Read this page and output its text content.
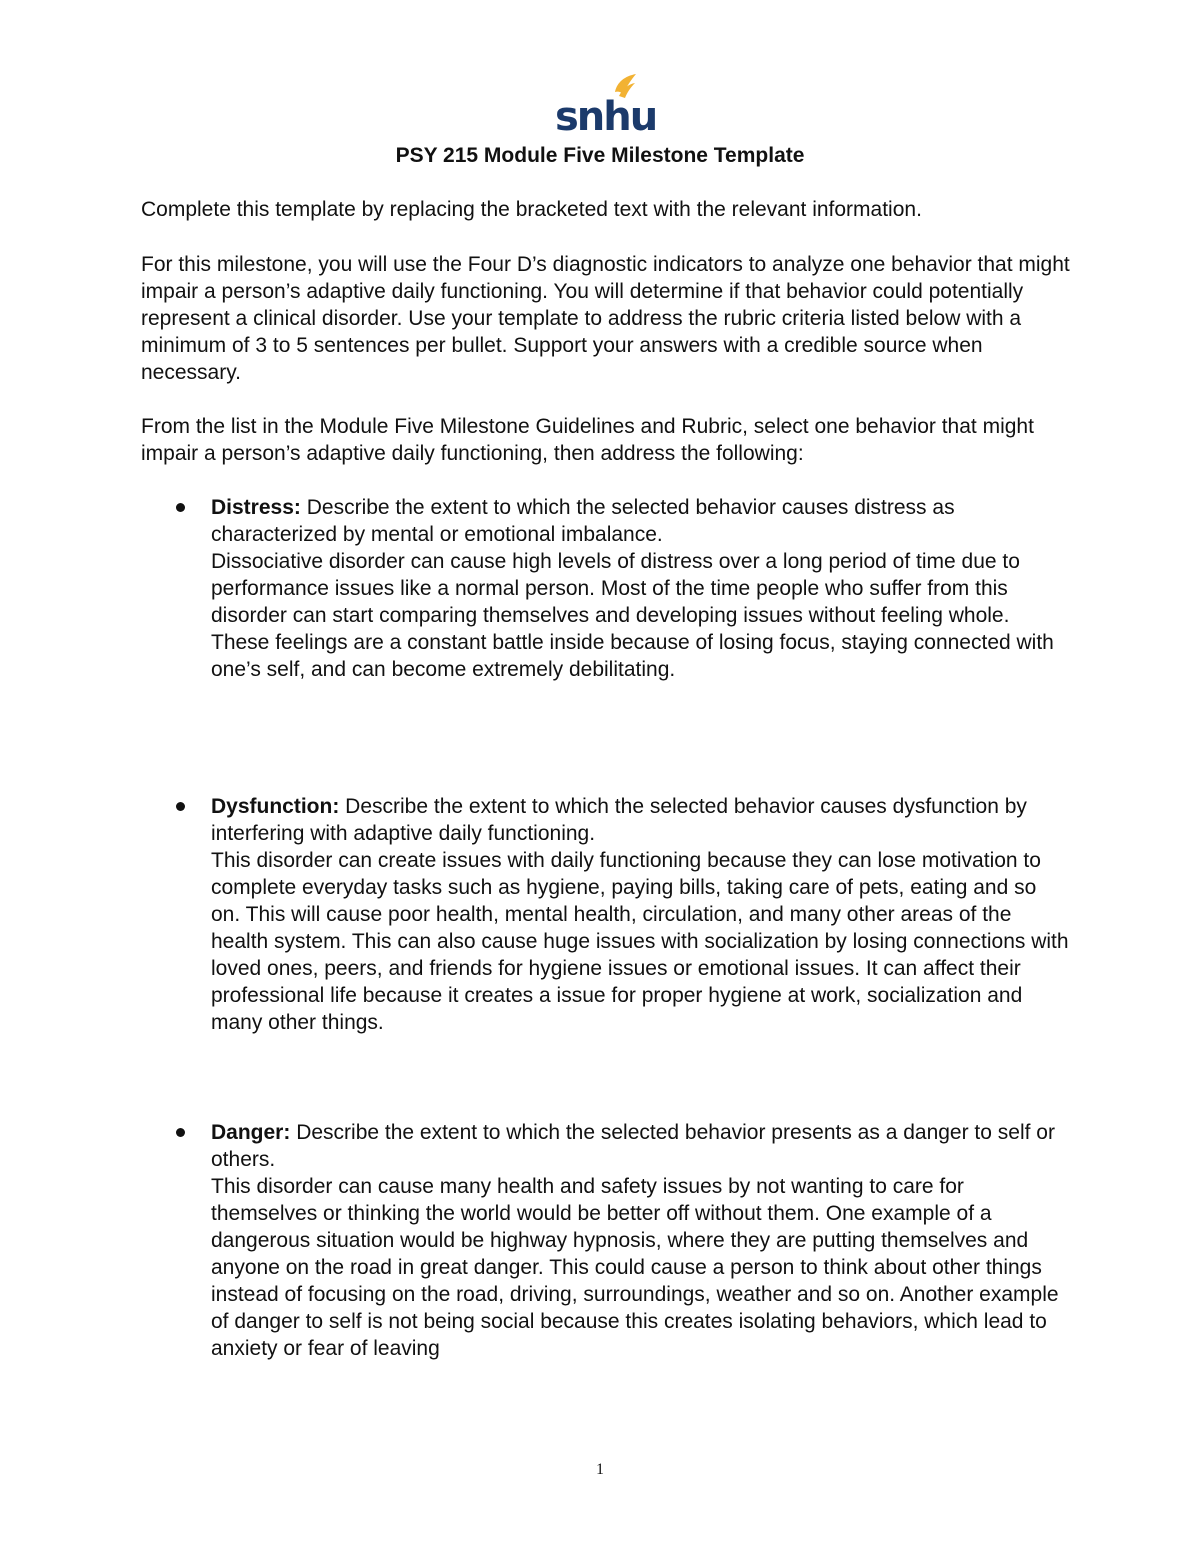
snhu
PSY 215 Module Five Milestone Template

Complete this template by replacing the bracketed text with the relevant information.

For this milestone, you will use the Four D’s diagnostic indicators to analyze one behavior that might impair a person’s adaptive daily functioning. You will determine if that behavior could potentially represent a clinical disorder. Use your template to address the rubric criteria listed below with a minimum of 3 to 5 sentences per bullet. Support your answers with a credible source when necessary.

From the list in the Module Five Milestone Guidelines and Rubric, select one behavior that might impair a person’s adaptive daily functioning, then address the following:

Distress: Describe the extent to which the selected behavior causes distress as characterized by mental or emotional imbalance.
Dissociative disorder can cause high levels of distress over a long period of time due to performance issues like a normal person. Most of the time people who suffer from this disorder can start comparing themselves and developing issues without feeling whole. These feelings are a constant battle inside because of losing focus, staying connected with one’s self, and can become extremely debilitating.
Dysfunction: Describe the extent to which the selected behavior causes dysfunction by interfering with adaptive daily functioning.
This disorder can create issues with daily functioning because they can lose motivation to complete everyday tasks such as hygiene, paying bills, taking care of pets, eating and so on. This will cause poor health, mental health, circulation, and many other areas of the health system. This can also cause huge issues with socialization by losing connections with loved ones, peers, and friends for hygiene issues or emotional issues. It can affect their professional life because it creates a issue for proper hygiene at work, socialization and many other things.
Danger: Describe the extent to which the selected behavior presents as a danger to self or others.
This disorder can cause many health and safety issues by not wanting to care for themselves or thinking the world would be better off without them. One example of a dangerous situation would be highway hypnosis, where they are putting themselves and anyone on the road in great danger. This could cause a person to think about other things instead of focusing on the road, driving, surroundings, weather and so on. Another example of danger to self is not being social because this creates isolating behaviors, which lead to anxiety or fear of leaving
1
